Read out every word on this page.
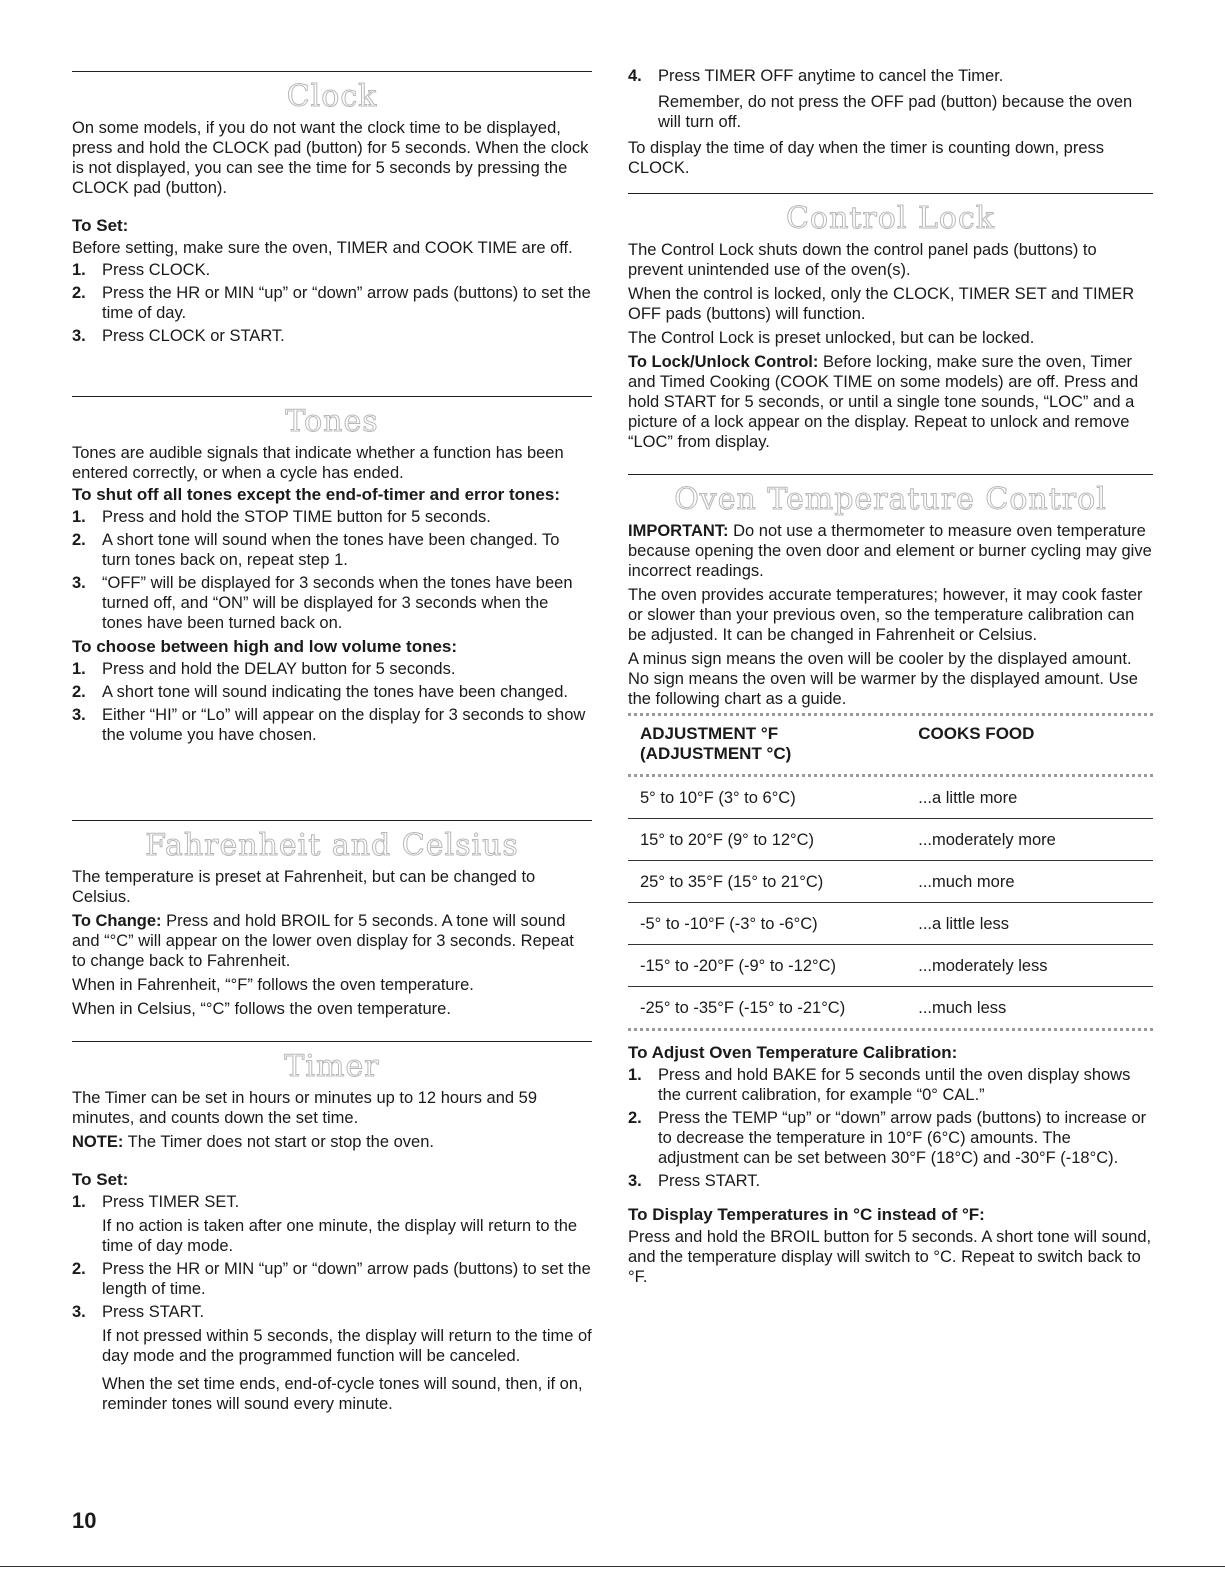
Clock

On some models, if you do not want the clock time to be displayed, press and hold the CLOCK pad (button) for 5 seconds. When the clock is not displayed, you can see the time for 5 seconds by pressing the CLOCK pad (button).

To Set:

Before setting, make sure the oven, TIMER and COOK TIME are off.

1. Press CLOCK.
2. Press the HR or MIN “up” or “down” arrow pads (buttons) to set the time of day.
3. Press CLOCK or START.
Tones

Tones are audible signals that indicate whether a function has been entered correctly, or when a cycle has ended.

To shut off all tones except the end-of-timer and error tones:
1. Press and hold the STOP TIME button for 5 seconds.
2. A short tone will sound when the tones have been changed. To turn tones back on, repeat step 1.
3. “OFF” will be displayed for 3 seconds when the tones have been turned off, and “ON” will be displayed for 3 seconds when the tones have been turned back on.
To choose between high and low volume tones:
1. Press and hold the DELAY button for 5 seconds.
2. A short tone will sound indicating the tones have been changed.
3. Either “HI” or “Lo” will appear on the display for 3 seconds to show the volume you have chosen.
Fahrenheit and Celsius

The temperature is preset at Fahrenheit, but can be changed to Celsius.

To Change: Press and hold BROIL for 5 seconds. A tone will sound and “°C” will appear on the lower oven display for 3 seconds. Repeat to change back to Fahrenheit.

When in Fahrenheit, “°F” follows the oven temperature.

When in Celsius, “°C” follows the oven temperature.

Timer

The Timer can be set in hours or minutes up to 12 hours and 59 minutes, and counts down the set time.

NOTE: The Timer does not start or stop the oven.

To Set:
1. Press TIMER SET.

If no action is taken after one minute, the display will return to the time of day mode.

2. Press the HR or MIN “up” or “down” arrow pads (buttons) to set the length of time.
3. Press START.

If not pressed within 5 seconds, the display will return to the time of day mode and the programmed function will be canceled.

When the set time ends, end-of-cycle tones will sound, then, if on, reminder tones will sound every minute.

4. Press TIMER OFF anytime to cancel the Timer.

Remember, do not press the OFF pad (button) because the oven will turn off.

To display the time of day when the timer is counting down, press CLOCK.

Control Lock

The Control Lock shuts down the control panel pads (buttons) to prevent unintended use of the oven(s).

When the control is locked, only the CLOCK, TIMER SET and TIMER OFF pads (buttons) will function.

The Control Lock is preset unlocked, but can be locked.

To Lock/Unlock Control: Before locking, make sure the oven, Timer and Timed Cooking (COOK TIME on some models) are off. Press and hold START for 5 seconds, or until a single tone sounds, “LOC” and a picture of a lock appear on the display. Repeat to unlock and remove “LOC” from display.

Oven Temperature Control

IMPORTANT: Do not use a thermometer to measure oven temperature because opening the oven door and element or burner cycling may give incorrect readings.

The oven provides accurate temperatures; however, it may cook faster or slower than your previous oven, so the temperature calibration can be adjusted. It can be changed in Fahrenheit or Celsius.

A minus sign means the oven will be cooler by the displayed amount. No sign means the oven will be warmer by the displayed amount. Use the following chart as a guide.

ADJUSTMENT °F
(ADJUSTMENT °C)	COOKS FOOD
5° to 10°F (3° to 6°C)	...a little more
15° to 20°F (9° to 12°C)	...moderately more
25° to 35°F (15° to 21°C)	...much more
-5° to -10°F (-3° to -6°C)	...a little less
-15° to -20°F (-9° to -12°C)	...moderately less
-25° to -35°F (-15° to -21°C)	...much less
To Adjust Oven Temperature Calibration:
1. Press and hold BAKE for 5 seconds until the oven display shows the current calibration, for example “0° CAL.”
2. Press the TEMP “up” or “down” arrow pads (buttons) to increase or to decrease the temperature in 10°F (6°C) amounts. The adjustment can be set between 30°F (18°C) and -30°F (-18°C).
3. Press START.
To Display Temperatures in °C instead of °F:

Press and hold the BROIL button for 5 seconds. A short tone will sound, and the temperature display will switch to °C. Repeat to switch back to °F.

10
